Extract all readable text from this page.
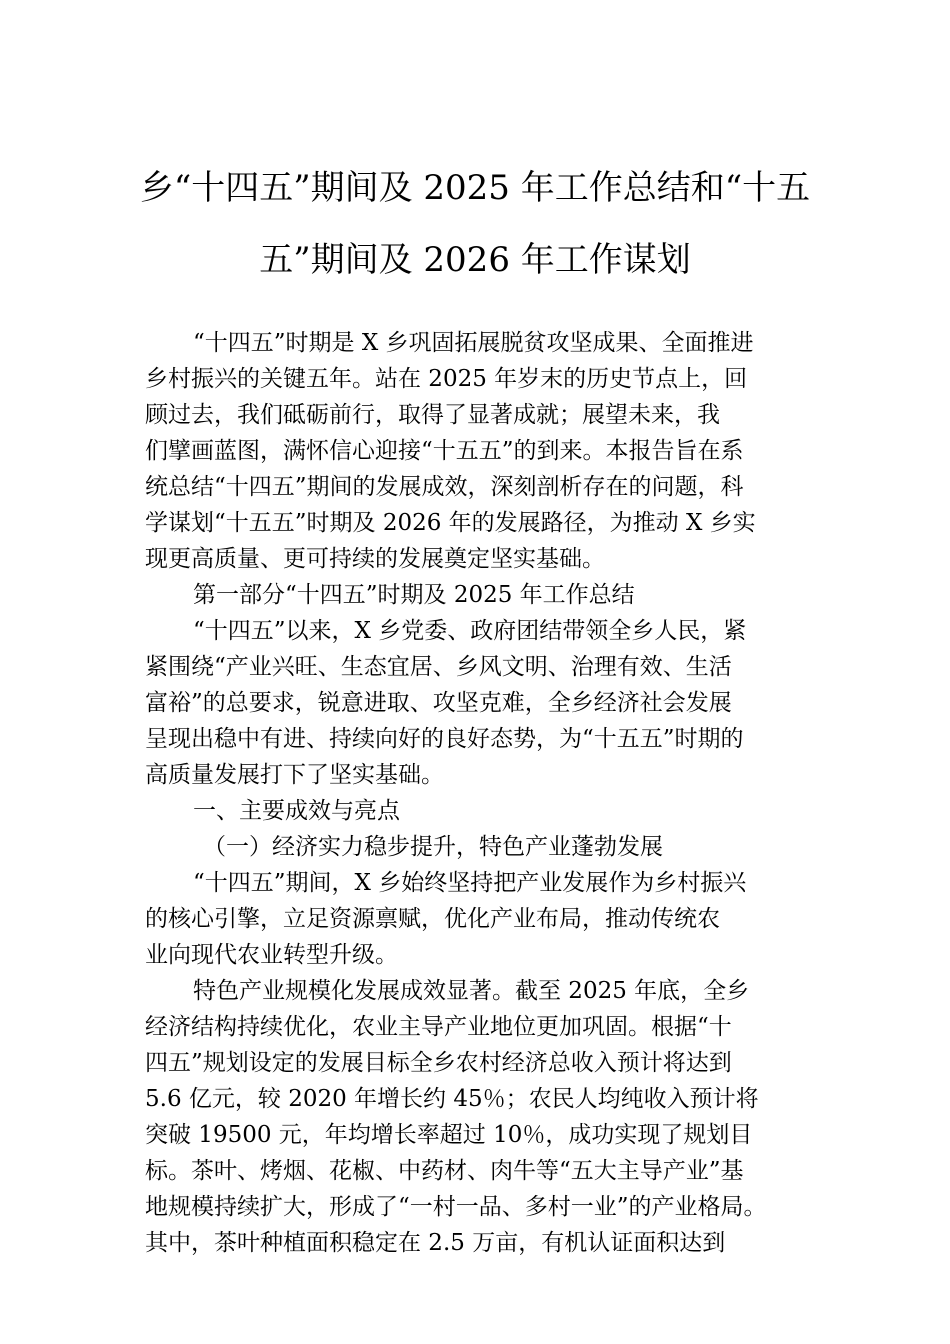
乡“十四五”期间及 2025 年工作总结和“十五
五”期间及 2026 年工作谋划
“十四五”时期是 X 乡巩固拓展脱贫攻坚成果、全面推进
乡村振兴的关键五年。站在 2025 年岁末的历史节点上，回
顾过去，我们砥砺前行，取得了显著成就；展望未来，我
们擘画蓝图，满怀信心迎接“十五五”的到来。本报告旨在系
统总结“十四五”期间的发展成效，深刻剖析存在的问题，科
学谋划“十五五”时期及 2026 年的发展路径，为推动 X 乡实
现更高质量、更可持续的发展奠定坚实基础。
第一部分“十四五”时期及 2025 年工作总结
“十四五”以来，X 乡党委、政府团结带领全乡人民，紧
紧围绕“产业兴旺、生态宜居、乡风文明、治理有效、生活
富裕”的总要求，锐意进取、攻坚克难，全乡经济社会发展
呈现出稳中有进、持续向好的良好态势，为“十五五”时期的
高质量发展打下了坚实基础。
一、主要成效与亮点
（一）经济实力稳步提升，特色产业蓬勃发展
“十四五”期间，X 乡始终坚持把产业发展作为乡村振兴
的核心引擎，立足资源禀赋，优化产业布局，推动传统农
业向现代农业转型升级。
特色产业规模化发展成效显著。截至 2025 年底，全乡
经济结构持续优化，农业主导产业地位更加巩固。根据“十
四五”规划设定的发展目标全乡农村经济总收入预计将达到
5.6 亿元，较 2020 年增长约 45％；农民人均纯收入预计将
突破 19500 元，年均增长率超过 10％，成功实现了规划目
标。茶叶、烤烟、花椒、中药材、肉牛等“五大主导产业”基
地规模持续扩大，形成了“一村一品、多村一业”的产业格局。
其中，茶叶种植面积稳定在 2.5 万亩，有机认证面积达到
